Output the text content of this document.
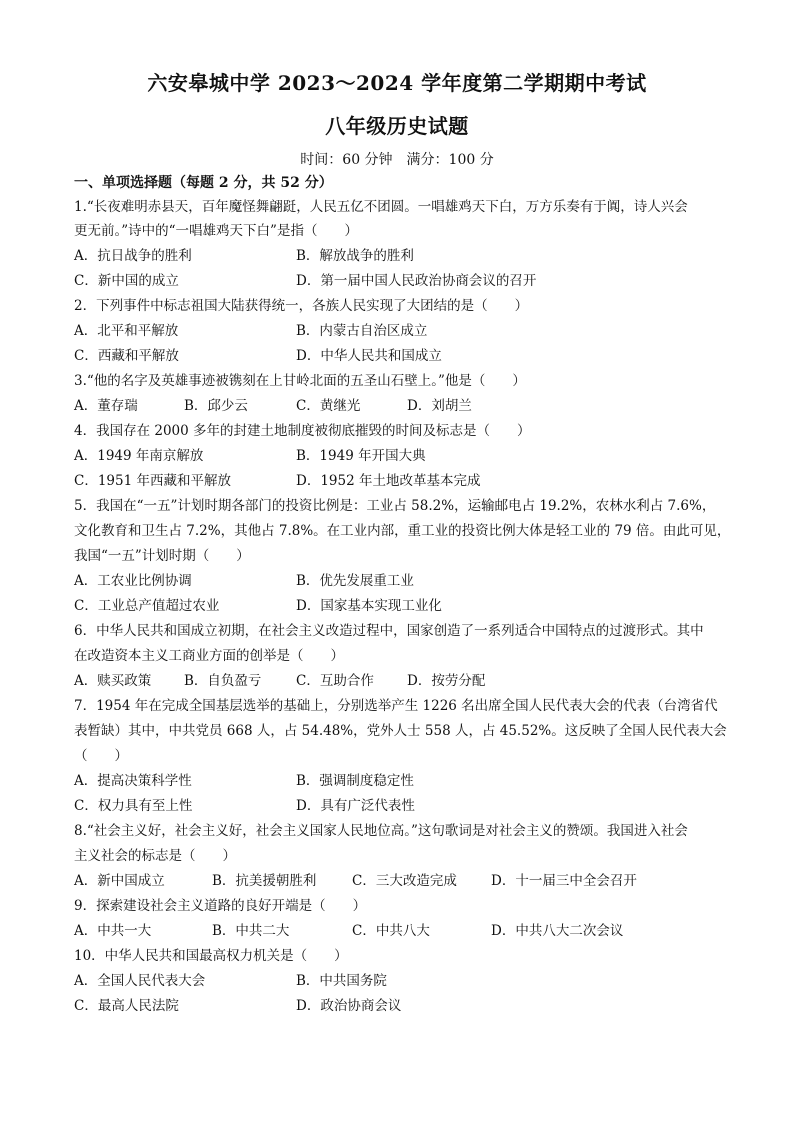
六安皋城中学 2023～2024 学年度第二学期期中考试
八年级历史试题
时间：60 分钟　满分：100 分
一、单项选择题（每题 2 分，共 52 分）
1.“长夜难明赤县天，百年魔怪舞翩跹，人民五亿不团圆。一唱雄鸡天下白，万方乐奏有于阗，诗人兴会
更无前。”诗中的“一唱雄鸡天下白”是指（　　）
A．抗日战争的胜利	B．解放战争的胜利
C．新中国的成立	D．第一届中国人民政治协商会议的召开
2．下列事件中标志祖国大陆获得统一，各族人民实现了大团结的是（　　）
A．北平和平解放	B．内蒙古自治区成立
C．西藏和平解放	D．中华人民共和国成立
3.“他的名字及英雄事迹被镌刻在上甘岭北面的五圣山石壁上。”他是（　　）
A．董存瑞	B．邱少云	C．黄继光	D．刘胡兰
4．我国存在 2000 多年的封建土地制度被彻底摧毁的时间及标志是（　　）
A．1949 年南京解放	B．1949 年开国大典
C．1951 年西藏和平解放	D．1952 年土地改革基本完成
5．我国在“一五”计划时期各部门的投资比例是：工业占 58.2%，运输邮电占 19.2%，农林水利占 7.6%，
文化教育和卫生占 7.2%，其他占 7.8%。在工业内部，重工业的投资比例大体是轻工业的 79 倍。由此可见，
我国“一五”计划时期（　　）
A．工农业比例协调	B．优先发展重工业
C．工业总产值超过农业	D．国家基本实现工业化
6．中华人民共和国成立初期，在社会主义改造过程中，国家创造了一系列适合中国特点的过渡形式。其中
在改造资本主义工商业方面的创举是（　　）
A．赎买政策 B．自负盈亏	C．互助合作 D．按劳分配
7．1954 年在完成全国基层选举的基础上，分别选举产生 1226 名出席全国人民代表大会的代表（台湾省代
表暂缺）其中，中共党员 668 人，占 54.48%，党外人士 558 人，占 45.52%。这反映了全国人民代表大会
（　　）
A．提高决策科学性	B．强调制度稳定性
C．权力具有至上性	D．具有广泛代表性
8.“社会主义好，社会主义好，社会主义国家人民地位高。”这句歌词是对社会主义的赞颂。我国进入社会
主义社会的标志是（　　）
A．新中国成立	B．抗美援朝胜利	C．三大改造完成	D．十一届三中全会召开
9．探索建设社会主义道路的良好开端是（　　）
A．中共一大	B．中共二大	C．中共八大	D．中共八大二次会议
10．中华人民共和国最高权力机关是（　　）
A．全国人民代表大会	B．中共国务院
C．最高人民法院	D．政治协商会议
